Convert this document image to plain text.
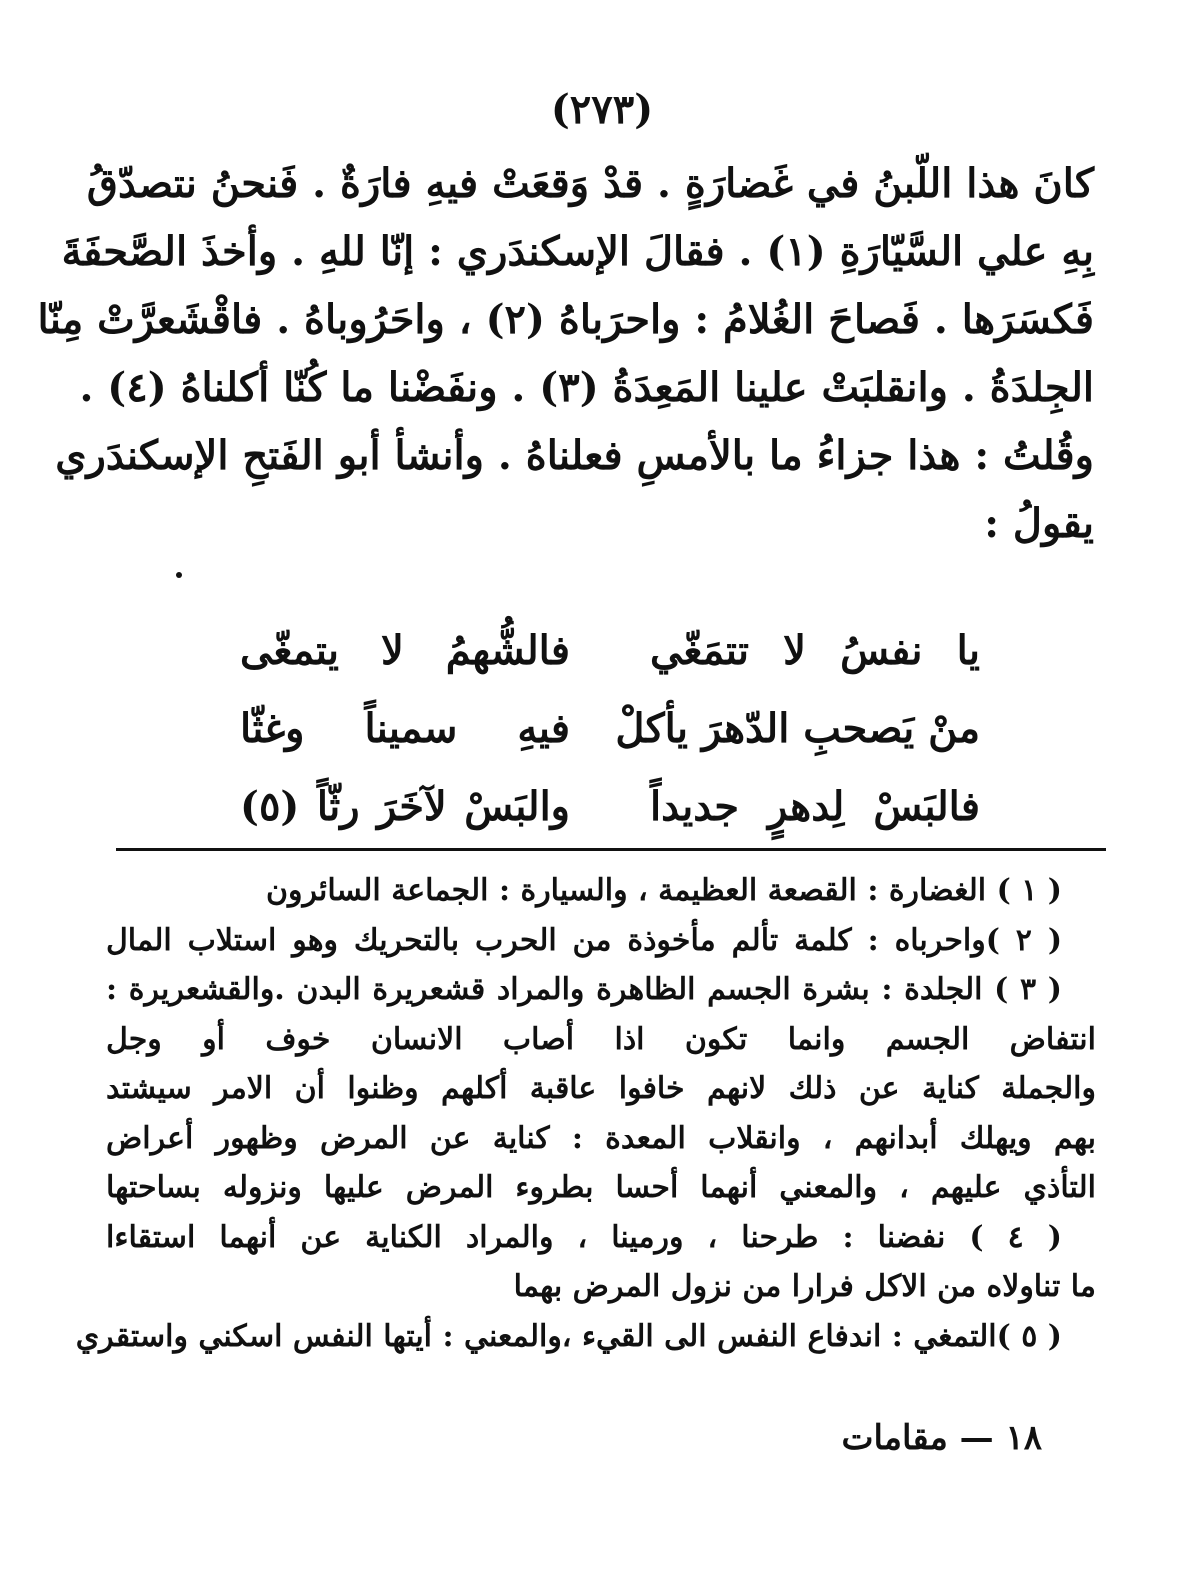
(٢٧٣)
كانَ هذا اللّبنُ في غَضارَةٍ . قدْ وَقعَتْ فيهِ فارَةٌ . فَنحنُ نتصدّقُ
بِهِ علي السَّيّارَةِ (١) . فقالَ الإسكندَري : إنّا للهِ . وأخذَ الصَّحفَةَ
فَكسَرَها . فَصاحَ الغُلامُ : واحرَباهُ (٢) ، واحَرُوباهُ . فاقْشَعرَّتْ مِنّا
الجِلدَةُ . وانقلبَتْ علينا المَعِدَةُ (٣) . ونفَضْنا ما كُنّا أكلناهُ (٤) .
وقُلتُ : هذا جزاءُ ما بالأمسِ فعلناهُ . وأنشأ أبو الفَتحِ الإسكندَري
يقولُ :
يا نفسُ لا تتمَغّي
فالشُّهمُ لا يتمغّى
منْ يَصحبِ الدّهرَ يأكلْ
فيهِ سميناً وغثّا
فالبَسْ لِدهرٍ جديداً
والبَسْ لآخَرَ رثّاً (٥)
( ١ ) الغضارة : القصعة العظيمة ، والسيارة : الجماعة السائرون
( ٢ )واحرباه : كلمة تألم مأخوذة من الحرب بالتحريك وهو استلاب المال
( ٣ ) الجلدة : بشرة الجسم الظاهرة والمراد قشعريرة البدن .والقشعريرة :
انتفاض الجسم وانما تكون اذا أصاب الانسان خوف أو وجل
والجملة كناية عن ذلك لانهم خافوا عاقبة أكلهم وظنوا أن الامر سيشتد
بهم ويهلك أبدانهم ، وانقلاب المعدة : كناية عن المرض وظهور أعراض
التأذي عليهم ، والمعني أنهما أحسا بطروء المرض عليها ونزوله بساحتها
( ٤ ) نفضنا : طرحنا ، ورمينا ، والمراد الكناية عن أنهما استقاءا
ما تناولاه من الاكل فرارا من نزول المرض بهما
( ٥ )التمغي : اندفاع النفس الى القيء ،والمعني : أيتها النفس اسكني واستقري
١٨ — مقامات
